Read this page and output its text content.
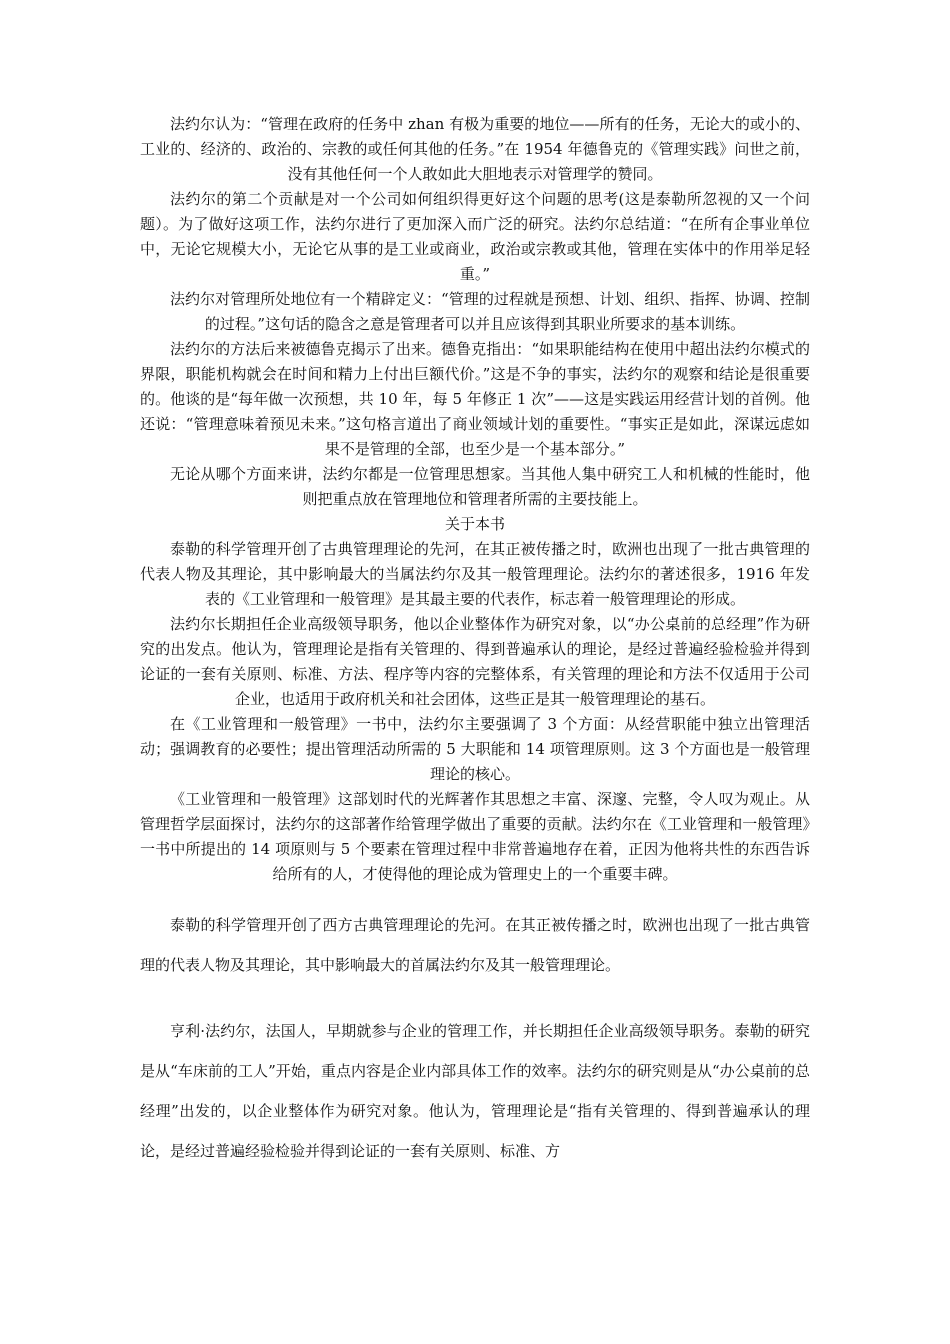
法约尔认为：“管理在政府的任务中 zhan 有极为重要的地位——所有的任务，无论大的或小的、工业的、经济的、政治的、宗教的或任何其他的任务。”在 1954 年德鲁克的《管理实践》问世之前，没有其他任何一个人敢如此大胆地表示对管理学的赞同。

法约尔的第二个贡献是对一个公司如何组织得更好这个问题的思考(这是泰勒所忽视的又一个问题）。为了做好这项工作，法约尔进行了更加深入而广泛的研究。法约尔总结道：“在所有企事业单位中，无论它规模大小，无论它从事的是工业或商业，政治或宗教或其他，管理在实体中的作用举足轻重。”

法约尔对管理所处地位有一个精辟定义：“管理的过程就是预想、计划、组织、指挥、协调、控制的过程。”这句话的隐含之意是管理者可以并且应该得到其职业所要求的基本训练。

法约尔的方法后来被德鲁克揭示了出来。德鲁克指出：“如果职能结构在使用中超出法约尔模式的界限，职能机构就会在时间和精力上付出巨额代价。”这是不争的事实，法约尔的观察和结论是很重要的。他谈的是“每年做一次预想，共 10 年，每 5 年修正 1 次”——这是实践运用经营计划的首例。他还说：“管理意味着预见未来。”这句格言道出了商业领域计划的重要性。“事实正是如此，深谋远虑如果不是管理的全部，也至少是一个基本部分。”

无论从哪个方面来讲，法约尔都是一位管理思想家。当其他人集中研究工人和机械的性能时，他则把重点放在管理地位和管理者所需的主要技能上。

关于本书

泰勒的科学管理开创了古典管理理论的先河，在其正被传播之时，欧洲也出现了一批古典管理的代表人物及其理论，其中影响最大的当属法约尔及其一般管理理论。法约尔的著述很多，1916 年发表的《工业管理和一般管理》是其最主要的代表作，标志着一般管理理论的形成。

法约尔长期担任企业高级领导职务，他以企业整体作为研究对象，以“办公桌前的总经理”作为研究的出发点。他认为，管理理论是指有关管理的、得到普遍承认的理论，是经过普遍经验检验并得到论证的一套有关原则、标准、方法、程序等内容的完整体系，有关管理的理论和方法不仅适用于公司企业，也适用于政府机关和社会团体，这些正是其一般管理理论的基石。

在《工业管理和一般管理》一书中，法约尔主要强调了 3 个方面：从经营职能中独立出管理活动；强调教育的必要性；提出管理活动所需的 5 大职能和 14 项管理原则。这 3 个方面也是一般管理理论的核心。

《工业管理和一般管理》这部划时代的光辉著作其思想之丰富、深邃、完整，令人叹为观止。从管理哲学层面探讨，法约尔的这部著作给管理学做出了重要的贡献。法约尔在《工业管理和一般管理》一书中所提出的 14 项原则与 5 个要素在管理过程中非常普遍地存在着，正因为他将共性的东西告诉给所有的人，才使得他的理论成为管理史上的一个重要丰碑。

泰勒的科学管理开创了西方古典管理理论的先河。在其正被传播之时，欧洲也出现了一批古典管理的代表人物及其理论，其中影响最大的首属法约尔及其一般管理理论。

亨利·法约尔，法国人，早期就参与企业的管理工作，并长期担任企业高级领导职务。泰勒的研究是从“车床前的工人”开始，重点内容是企业内部具体工作的效率。法约尔的研究则是从“办公桌前的总经理”出发的，以企业整体作为研究对象。他认为，管理理论是“指有关管理的、得到普遍承认的理论，是经过普遍经验检验并得到论证的一套有关原则、标准、方
